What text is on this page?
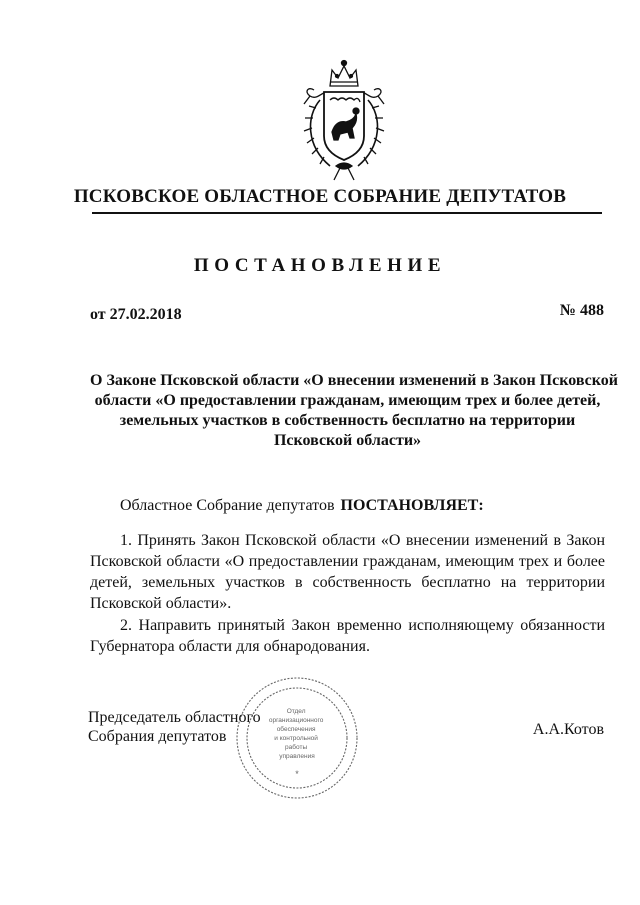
ПСКОВСКОЕ ОБЛАСТНОЕ СОБРАНИЕ ДЕПУТАТОВ
ПОСТАНОВЛЕНИЕ
от 27.02.2018	№ 488
О Законе Псковской области «О внесении изменений в Закон Псковской
области «О предоставлении гражданам, имеющим трех и более детей,
земельных участков в собственность бесплатно на территории
Псковской области»
Областное Собрание депутатов ПОСТАНОВЛЯЕТ:
1. Принять Закон Псковской области «О внесении изменений в Закон
Псковской области «О предоставлении гражданам, имеющим трех и более
детей, земельных участков в собственность бесплатно на территории
Псковской области».
2. Направить принятый Закон временно исполняющему обязанности
Губернатора области для обнародования.
Отдел организационного обеспечения и контрольной работы управления
*
Председатель областного
Собрания депутатов	А.А.Котов
